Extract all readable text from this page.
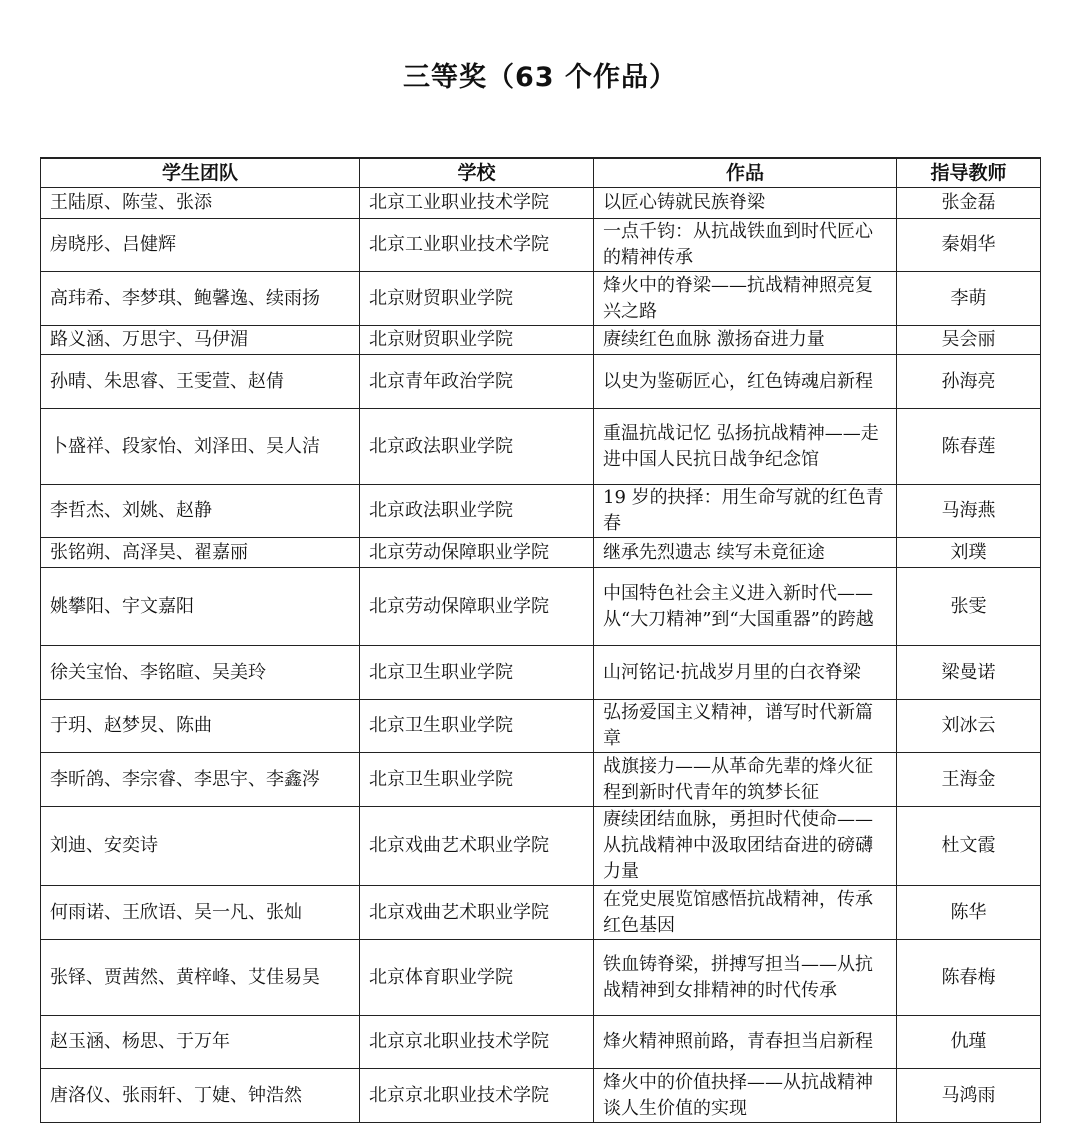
三等奖（63 个作品）
学生团队	学校	作品	指导教师
王陆原、陈莹、张添	北京工业职业技术学院	以匠心铸就民族脊梁	张金磊
房晓彤、吕健辉	北京工业职业技术学院	一点千钧：从抗战铁血到时代匠心的精神传承	秦娟华
高玮希、李梦琪、鲍馨逸、续雨扬	北京财贸职业学院	烽火中的脊梁——抗战精神照亮复兴之路	李萌
路义涵、万思宇、马伊湄	北京财贸职业学院	赓续红色血脉 激扬奋进力量	吴会丽
孙晴、朱思睿、王雯萱、赵倩	北京青年政治学院	以史为鉴砺匠心，红色铸魂启新程	孙海亮
卜盛祥、段家怡、刘泽田、吴人洁	北京政法职业学院	重温抗战记忆 弘扬抗战精神——走进中国人民抗日战争纪念馆	陈春莲
李哲杰、刘姚、赵静	北京政法职业学院	19 岁的抉择：用生命写就的红色青春	马海燕
张铭朔、高泽昊、翟嘉丽	北京劳动保障职业学院	继承先烈遗志 续写未竟征途	刘璞
姚攀阳、宇文嘉阳	北京劳动保障职业学院	中国特色社会主义进入新时代——从“大刀精神”到“大国重器”的跨越	张雯
徐关宝怡、李铭暄、吴美玲	北京卫生职业学院	山河铭记·抗战岁月里的白衣脊梁	梁曼诺
于玥、赵梦炅、陈曲	北京卫生职业学院	弘扬爱国主义精神，谱写时代新篇章	刘冰云
李昕鸽、李宗睿、李思宇、李鑫涔	北京卫生职业学院	战旗接力——从革命先辈的烽火征程到新时代青年的筑梦长征	王海金
刘迪、安奕诗	北京戏曲艺术职业学院	赓续团结血脉，勇担时代使命——从抗战精神中汲取团结奋进的磅礴力量	杜文霞
何雨诺、王欣语、吴一凡、张灿	北京戏曲艺术职业学院	在党史展览馆感悟抗战精神，传承红色基因	陈华
张铎、贾茜然、黄梓峰、艾佳易昊	北京体育职业学院	铁血铸脊梁，拼搏写担当——从抗战精神到女排精神的时代传承	陈春梅
赵玉涵、杨思、于万年	北京京北职业技术学院	烽火精神照前路，青春担当启新程	仇瑾
唐洛仪、张雨轩、丁婕、钟浩然	北京京北职业技术学院	烽火中的价值抉择——从抗战精神谈人生价值的实现	马鸿雨
